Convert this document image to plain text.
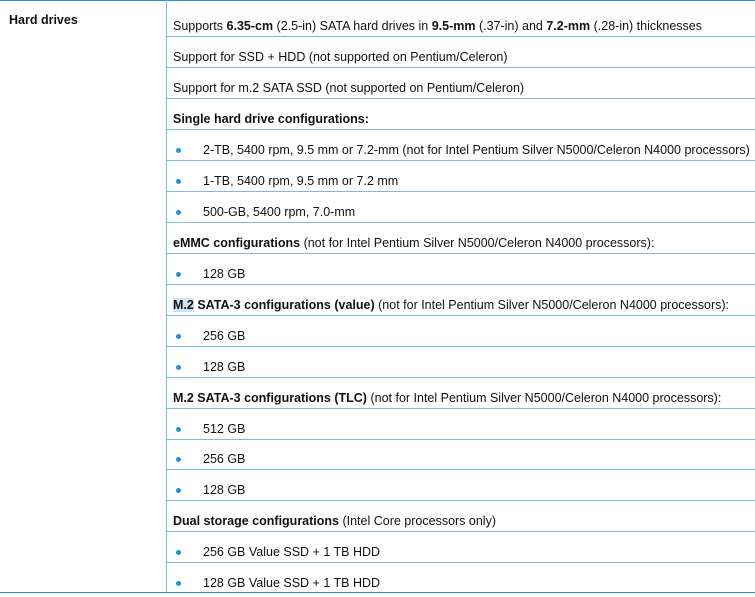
Hard drives	Supports 6.35-cm (2.5-in) SATA hard drives in 9.5-mm (.37-in) and 7.2-mm (.28-in) thicknesses
Support for SSD + HDD (not supported on Pentium/Celeron)
Support for m.2 SATA SSD (not supported on Pentium/Celeron)
Single hard drive configurations:
2-TB, 5400 rpm, 9.5 mm or 7.2-mm (not for Intel Pentium Silver N5000/Celeron N4000 processors)
1-TB, 5400 rpm, 9.5 mm or 7.2 mm
500-GB, 5400 rpm, 7.0-mm
eMMC configurations (not for Intel Pentium Silver N5000/Celeron N4000 processors):
128 GB
M.2 SATA-3 configurations (value) (not for Intel Pentium Silver N5000/Celeron N4000 processors):
256 GB
128 GB
M.2 SATA-3 configurations (TLC) (not for Intel Pentium Silver N5000/Celeron N4000 processors):
512 GB
256 GB
128 GB
Dual storage configurations (Intel Core processors only)
256 GB Value SSD + 1 TB HDD
128 GB Value SSD + 1 TB HDD
